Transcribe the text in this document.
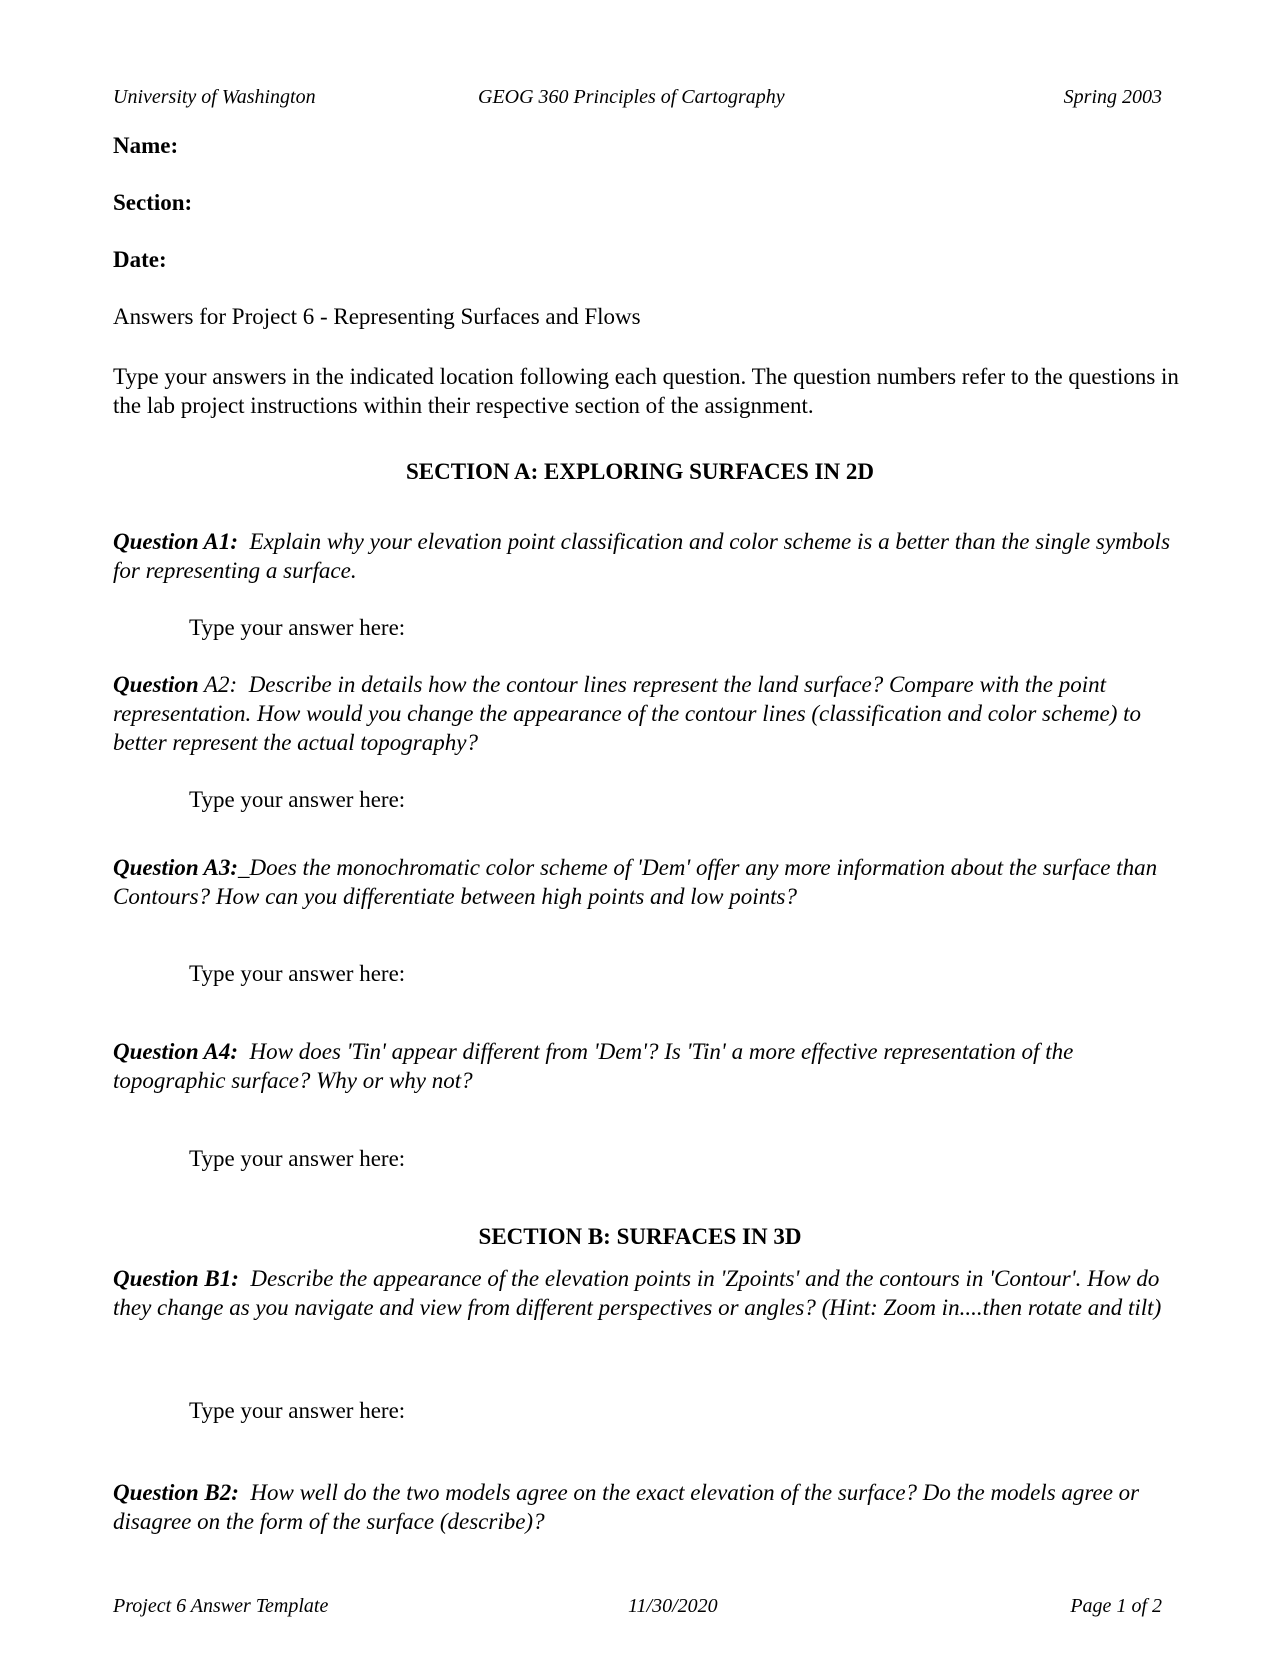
University of Washington	GEOG 360 Principles of Cartography	Spring 2003
Name:
Section:
Date:
Answers for Project 6 - Representing Surfaces and Flows
Type your answers in the indicated location following each question. The question numbers refer to the questions in the lab project instructions within their respective section of the assignment.
SECTION A: EXPLORING SURFACES IN 2D
Question A1: Explain why your elevation point classification and color scheme is a better than the single symbols for representing a surface.
Type your answer here:
Question A2: Describe in details how the contour lines represent the land surface? Compare with the point representation. How would you change the appearance of the contour lines (classification and color scheme) to better represent the actual topography?
Type your answer here:
Question A3:_Does the monochromatic color scheme of 'Dem' offer any more information about the surface than Contours? How can you differentiate between high points and low points?
Type your answer here:
Question A4: How does 'Tin' appear different from 'Dem'? Is 'Tin' a more effective representation of the topographic surface? Why or why not?
Type your answer here:
SECTION B: SURFACES IN 3D
Question B1: Describe the appearance of the elevation points in 'Zpoints' and the contours in 'Contour'. How do they change as you navigate and view from different perspectives or angles? (Hint: Zoom in....then rotate and tilt)
Type your answer here:
Question B2: How well do the two models agree on the exact elevation of the surface? Do the models agree or disagree on the form of the surface (describe)?
Project 6 Answer Template	11/30/2020	Page 1 of 2
